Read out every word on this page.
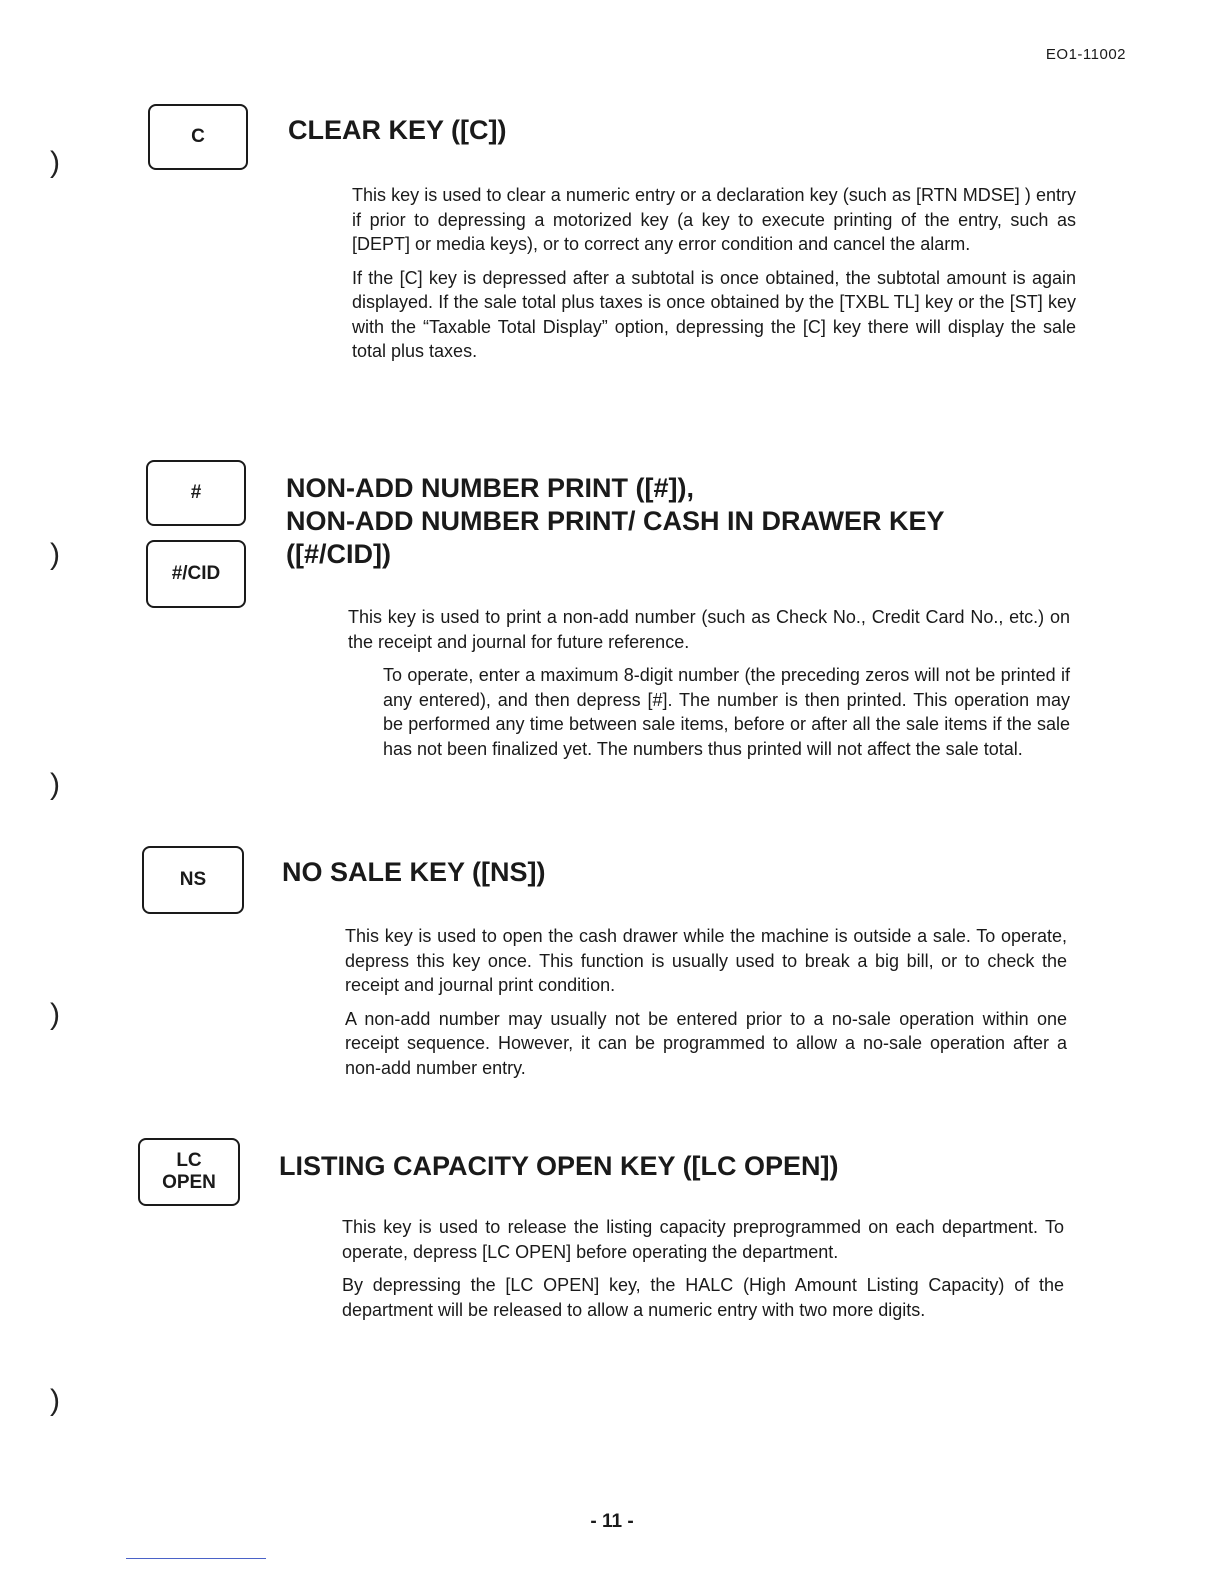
EO1-11002
)
)
)
)
)
C	CLEAR KEY ([C])

This key is used to clear a numeric entry or a declaration key (such as [RTN MDSE] ) entry if prior to depressing a motorized key (a key to execute printing of the entry, such as [DEPT] or media keys), or to correct any error condition and cancel the alarm.

If the [C] key is depressed after a subtotal is once obtained, the subtotal amount is again displayed. If the sale total plus taxes is once obtained by the [TXBL TL] key or the [ST] key with the “Taxable Total Display” option, depressing the [C] key there will display the sale total plus taxes.

#
#/CID
NON-ADD NUMBER PRINT ([#]),
NON-ADD NUMBER PRINT/ CASH IN DRAWER KEY
([#/CID])

This key is used to print a non-add number (such as Check No., Credit Card No., etc.) on the receipt and journal for future reference.

To operate, enter a maximum 8-digit number (the preceding zeros will not be printed if any entered), and then depress [#]. The number is then printed. This operation may be performed any time between sale items, before or after all the sale items if the sale has not been finalized yet. The numbers thus printed will not affect the sale total.

NS	NO SALE KEY ([NS])

This key is used to open the cash drawer while the machine is outside a sale. To operate, depress this key once. This function is usually used to break a big bill, or to check the receipt and journal print condition.

A non-add number may usually not be entered prior to a no-sale operation within one receipt sequence. However, it can be programmed to allow a no-sale operation after a non-add number entry.

LC
OPEN
LISTING CAPACITY OPEN KEY ([LC OPEN])

This key is used to release the listing capacity preprogrammed on each department. To operate, depress [LC OPEN] before operating the department.

By depressing the [LC OPEN] key, the HALC (High Amount Listing Capacity) of the department will be released to allow a numeric entry with two more digits.

- 11 -
